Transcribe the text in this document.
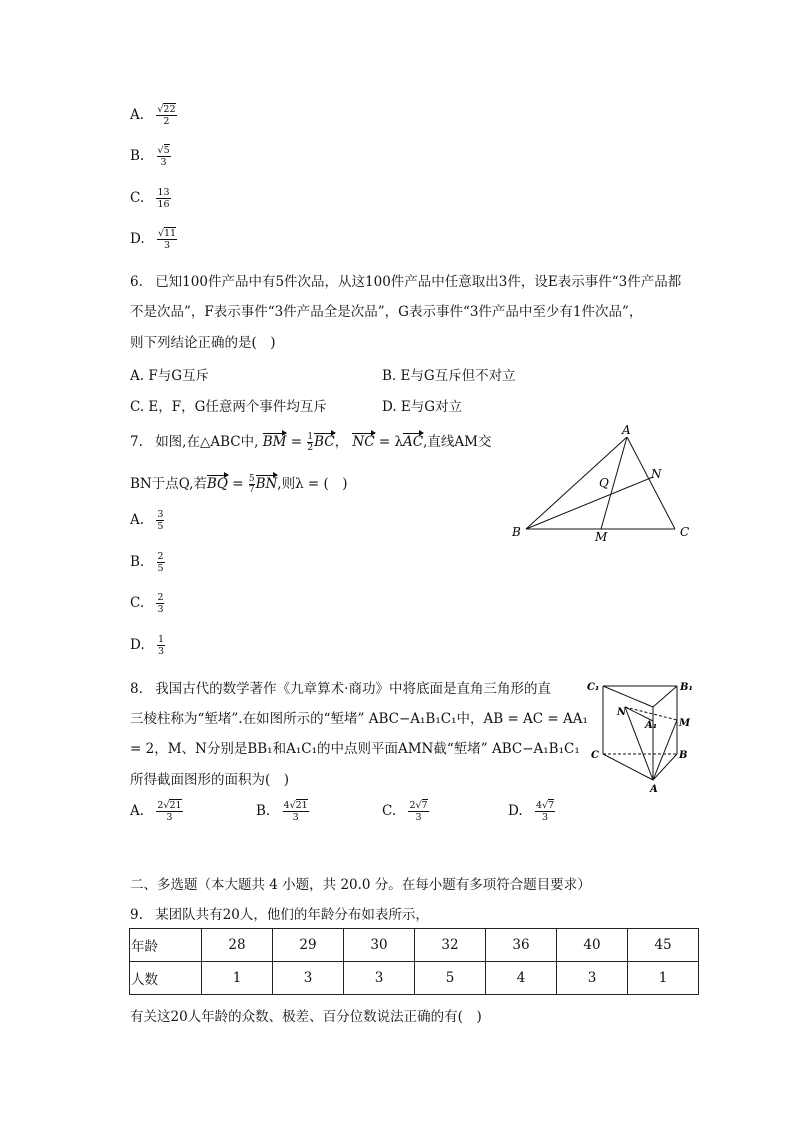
A. $\frac{√22}{2}$
B. $\frac{√5}{3}$
C. $\frac{13}{16}$
D. $\frac{√11}{3}$
6. 已知100件产品中有5件次品，从这100件产品中任意取出3件，设E表示事件“3件产品都
不是次品”，F表示事件“3件产品全是次品”，G表示事件“3件产品中至少有1件次品”，
则下列结论正确的是(　)
A. F与G互斥	B. E与G互斥但不对立
C. E，F，G任意两个事件均互斥	D. E与G对立
7. 如图,在△ABC中, BM = $\frac{1}{2}BC$， NC = λAC,直线AM交
BN于点Q,若BQ = $\frac{5}{7}BN$,则λ = (　)
A. $\frac{3}{5}$
B. $\frac{2}{5}$
C. $\frac{2}{3}$
D. $\frac{1}{3}$
A
B	C
M
N
Q
8. 我国古代的数学著作《九章算术·商功》中将底面是直角三角形的直
三棱柱称为“堑堵”.在如图所示的“堑堵” ABC−A₁B₁C₁中，AB = AC = AA₁
= 2，M、N分别是BB₁和A₁C₁的中点则平面AMN截“堑堵” ABC−A₁B₁C₁
所得截面图形的面积为(　)
A. $\frac{2√21}{3}$	B. $\frac{4√21}{3}$	C. $\frac{2√7}{3}$	D. $\frac{4√7}{3}$
C₁	B₁
N
A₁ M
C	B
A
二、多选题（本大题共 4 小题，共 20.0 分。在每小题有多项符合题目要求）
9. 某团队共有20人，他们的年龄分布如表所示，
年龄	28	29	30	32	36	40	45
人数	1	3	3	5	4	3	1
有关这20人年龄的众数、极差、百分位数说法正确的有(　)
